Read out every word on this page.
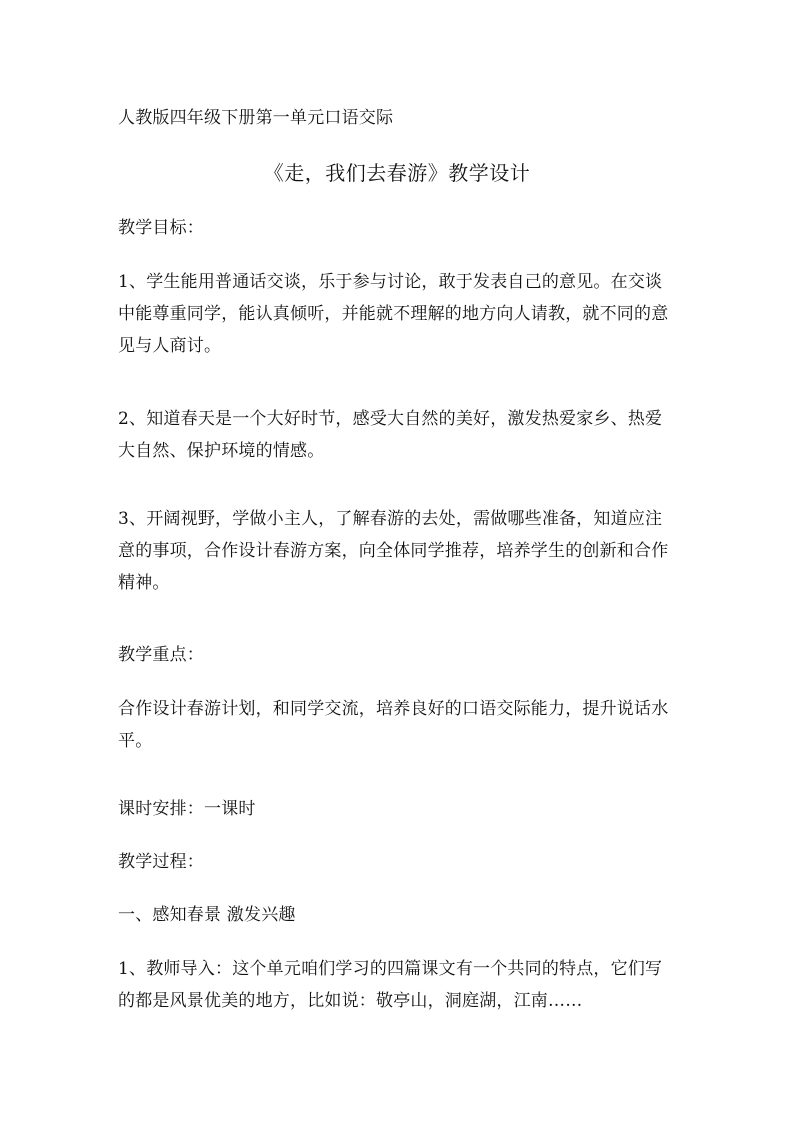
人教版四年级下册第一单元口语交际
《走，我们去春游》教学设计
教学目标：
1、学生能用普通话交谈，乐于参与讨论，敢于发表自己的意见。在交谈中能尊重同学，能认真倾听，并能就不理解的地方向人请教，就不同的意见与人商讨。
2、知道春天是一个大好时节，感受大自然的美好，激发热爱家乡、热爱大自然、保护环境的情感。
3、开阔视野，学做小主人，了解春游的去处，需做哪些准备，知道应注意的事项，合作设计春游方案，向全体同学推荐，培养学生的创新和合作精神。
教学重点：
合作设计春游计划，和同学交流，培养良好的口语交际能力，提升说话水平。
课时安排：一课时
教学过程：
一、感知春景 激发兴趣
1、教师导入：这个单元咱们学习的四篇课文有一个共同的特点，它们写的都是风景优美的地方，比如说：敬亭山，洞庭湖，江南……
